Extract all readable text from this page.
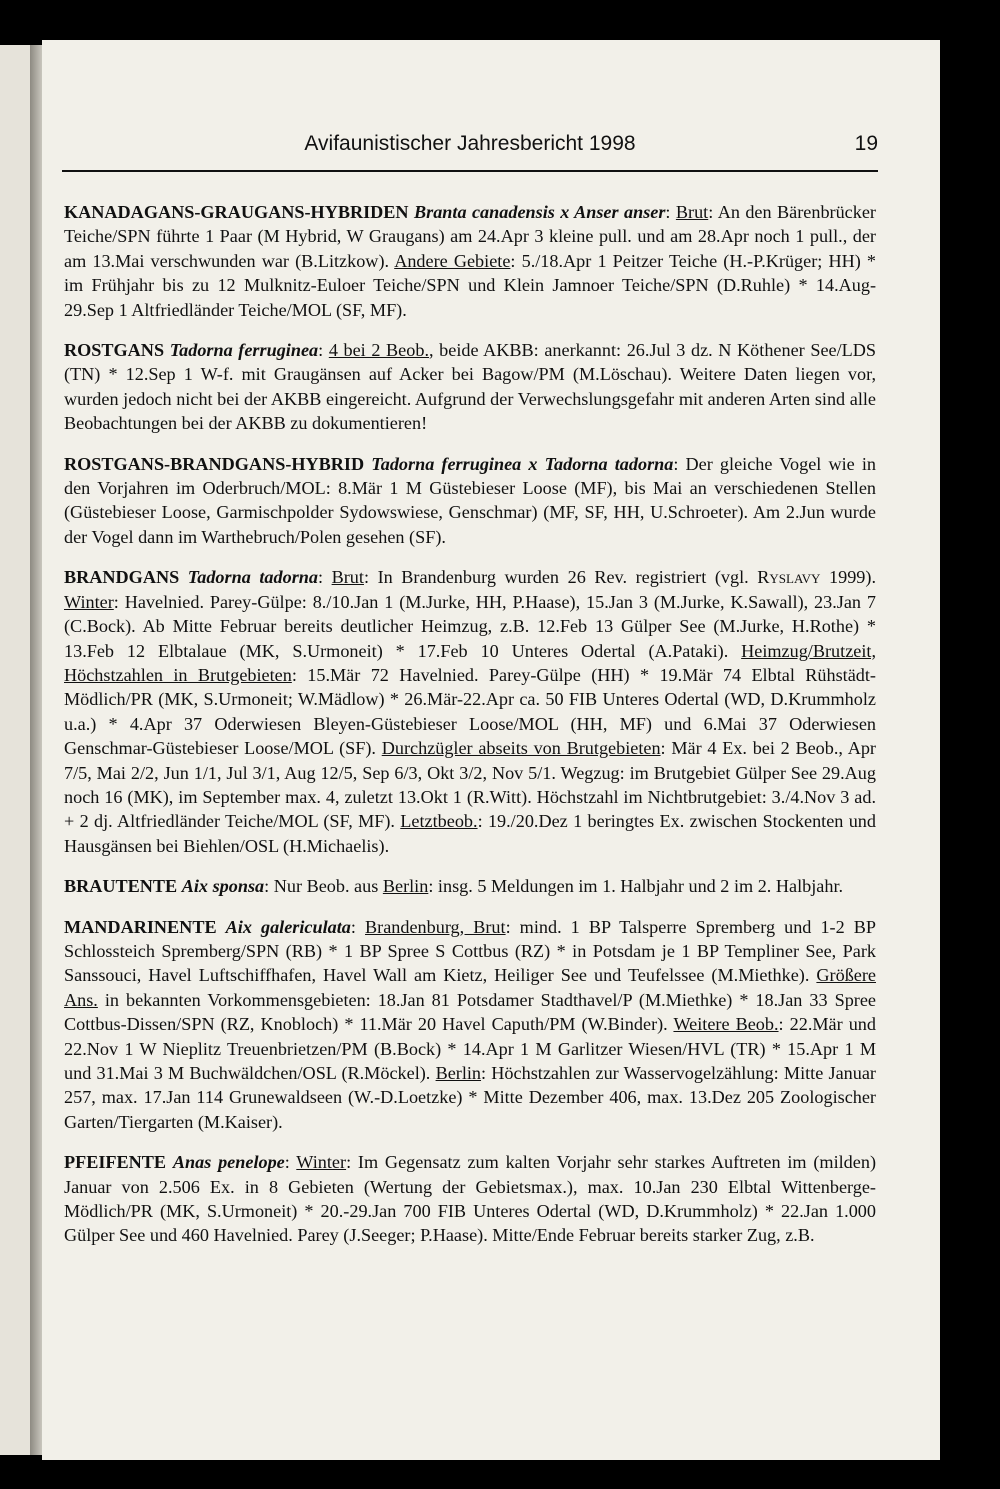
Avifaunistischer Jahresbericht 1998	19

KANADAGANS-GRAUGANS-HYBRIDEN Branta canadensis x Anser anser: Brut: An den Bärenbrücker Teiche/SPN führte 1 Paar (M Hybrid, W Graugans) am 24.Apr 3 kleine pull. und am 28.Apr noch 1 pull., der am 13.Mai verschwunden war (B.Litzkow). Andere Gebiete: 5./18.Apr 1 Peitzer Teiche (H.-P.Krüger; HH) * im Frühjahr bis zu 12 Mulknitz-Euloer Teiche/SPN und Klein Jamnoer Teiche/SPN (D.Ruhle) * 14.Aug-29.Sep 1 Altfriedländer Teiche/MOL (SF, MF).

ROSTGANS Tadorna ferruginea: 4 bei 2 Beob., beide AKBB: anerkannt: 26.Jul 3 dz. N Köthener See/LDS (TN) * 12.Sep 1 W-f. mit Graugänsen auf Acker bei Bagow/PM (M.Löschau). Weitere Daten liegen vor, wurden jedoch nicht bei der AKBB eingereicht. Aufgrund der Verwechslungsgefahr mit anderen Arten sind alle Beobachtungen bei der AKBB zu dokumentieren!

ROSTGANS-BRANDGANS-HYBRID Tadorna ferruginea x Tadorna tadorna: Der gleiche Vogel wie in den Vorjahren im Oderbruch/MOL: 8.Mär 1 M Güstebieser Loose (MF), bis Mai an verschiedenen Stellen (Güstebieser Loose, Garmischpolder Sydowswiese, Genschmar) (MF, SF, HH, U.Schroeter). Am 2.Jun wurde der Vogel dann im Warthebruch/Polen gesehen (SF).

BRANDGANS Tadorna tadorna: Brut: In Brandenburg wurden 26 Rev. registriert (vgl. Ryslavy 1999). Winter: Havelnied. Parey-Gülpe: 8./10.Jan 1 (M.Jurke, HH, P.Haase), 15.Jan 3 (M.Jurke, K.Sawall), 23.Jan 7 (C.Bock). Ab Mitte Februar bereits deutlicher Heimzug, z.B. 12.Feb 13 Gülper See (M.Jurke, H.Rothe) * 13.Feb 12 Elbtalaue (MK, S.Urmoneit) * 17.Feb 10 Unteres Odertal (A.Pataki). Heimzug/Brutzeit, Höchstzahlen in Brutgebieten: 15.Mär 72 Havelnied. Parey-Gülpe (HH) * 19.Mär 74 Elbtal Rühstädt-Mödlich/PR (MK, S.Urmoneit; W.Mädlow) * 26.Mär-22.Apr ca. 50 FIB Unteres Odertal (WD, D.Krummholz u.a.) * 4.Apr 37 Oderwiesen Bleyen-Güstebieser Loose/MOL (HH, MF) und 6.Mai 37 Oderwiesen Genschmar-Güstebieser Loose/MOL (SF). Durchzügler abseits von Brutgebieten: Mär 4 Ex. bei 2 Beob., Apr 7/5, Mai 2/2, Jun 1/1, Jul 3/1, Aug 12/5, Sep 6/3, Okt 3/2, Nov 5/1. Wegzug: im Brutgebiet Gülper See 29.Aug noch 16 (MK), im September max. 4, zuletzt 13.Okt 1 (R.Witt). Höchstzahl im Nichtbrutgebiet: 3./4.Nov 3 ad. + 2 dj. Altfriedländer Teiche/MOL (SF, MF). Letztbeob.: 19./20.Dez 1 beringtes Ex. zwischen Stockenten und Hausgänsen bei Biehlen/OSL (H.Michaelis).

BRAUTENTE Aix sponsa: Nur Beob. aus Berlin: insg. 5 Meldungen im 1. Halbjahr und 2 im 2. Halbjahr.

MANDARINENTE Aix galericulata: Brandenburg, Brut: mind. 1 BP Talsperre Spremberg und 1-2 BP Schlossteich Spremberg/SPN (RB) * 1 BP Spree S Cottbus (RZ) * in Potsdam je 1 BP Templiner See, Park Sanssouci, Havel Luftschiffhafen, Havel Wall am Kietz, Heiliger See und Teufelssee (M.Miethke). Größere Ans. in bekannten Vorkommensgebieten: 18.Jan 81 Potsdamer Stadthavel/P (M.Miethke) * 18.Jan 33 Spree Cottbus-Dissen/SPN (RZ, Knobloch) * 11.Mär 20 Havel Caputh/PM (W.Binder). Weitere Beob.: 22.Mär und 22.Nov 1 W Nieplitz Treuenbrietzen/PM (B.Bock) * 14.Apr 1 M Garlitzer Wiesen/HVL (TR) * 15.Apr 1 M und 31.Mai 3 M Buchwäldchen/OSL (R.Möckel). Berlin: Höchstzahlen zur Wasservogelzählung: Mitte Januar 257, max. 17.Jan 114 Grunewaldseen (W.-D.Loetzke) * Mitte Dezember 406, max. 13.Dez 205 Zoologischer Garten/Tiergarten (M.Kaiser).

PFEIFENTE Anas penelope: Winter: Im Gegensatz zum kalten Vorjahr sehr starkes Auftreten im (milden) Januar von 2.506 Ex. in 8 Gebieten (Wertung der Gebietsmax.), max. 10.Jan 230 Elbtal Wittenberge-Mödlich/PR (MK, S.Urmoneit) * 20.-29.Jan 700 FIB Unteres Odertal (WD, D.Krummholz) * 22.Jan 1.000 Gülper See und 460 Havelnied. Parey (J.Seeger; P.Haase). Mitte/Ende Februar bereits starker Zug, z.B.
